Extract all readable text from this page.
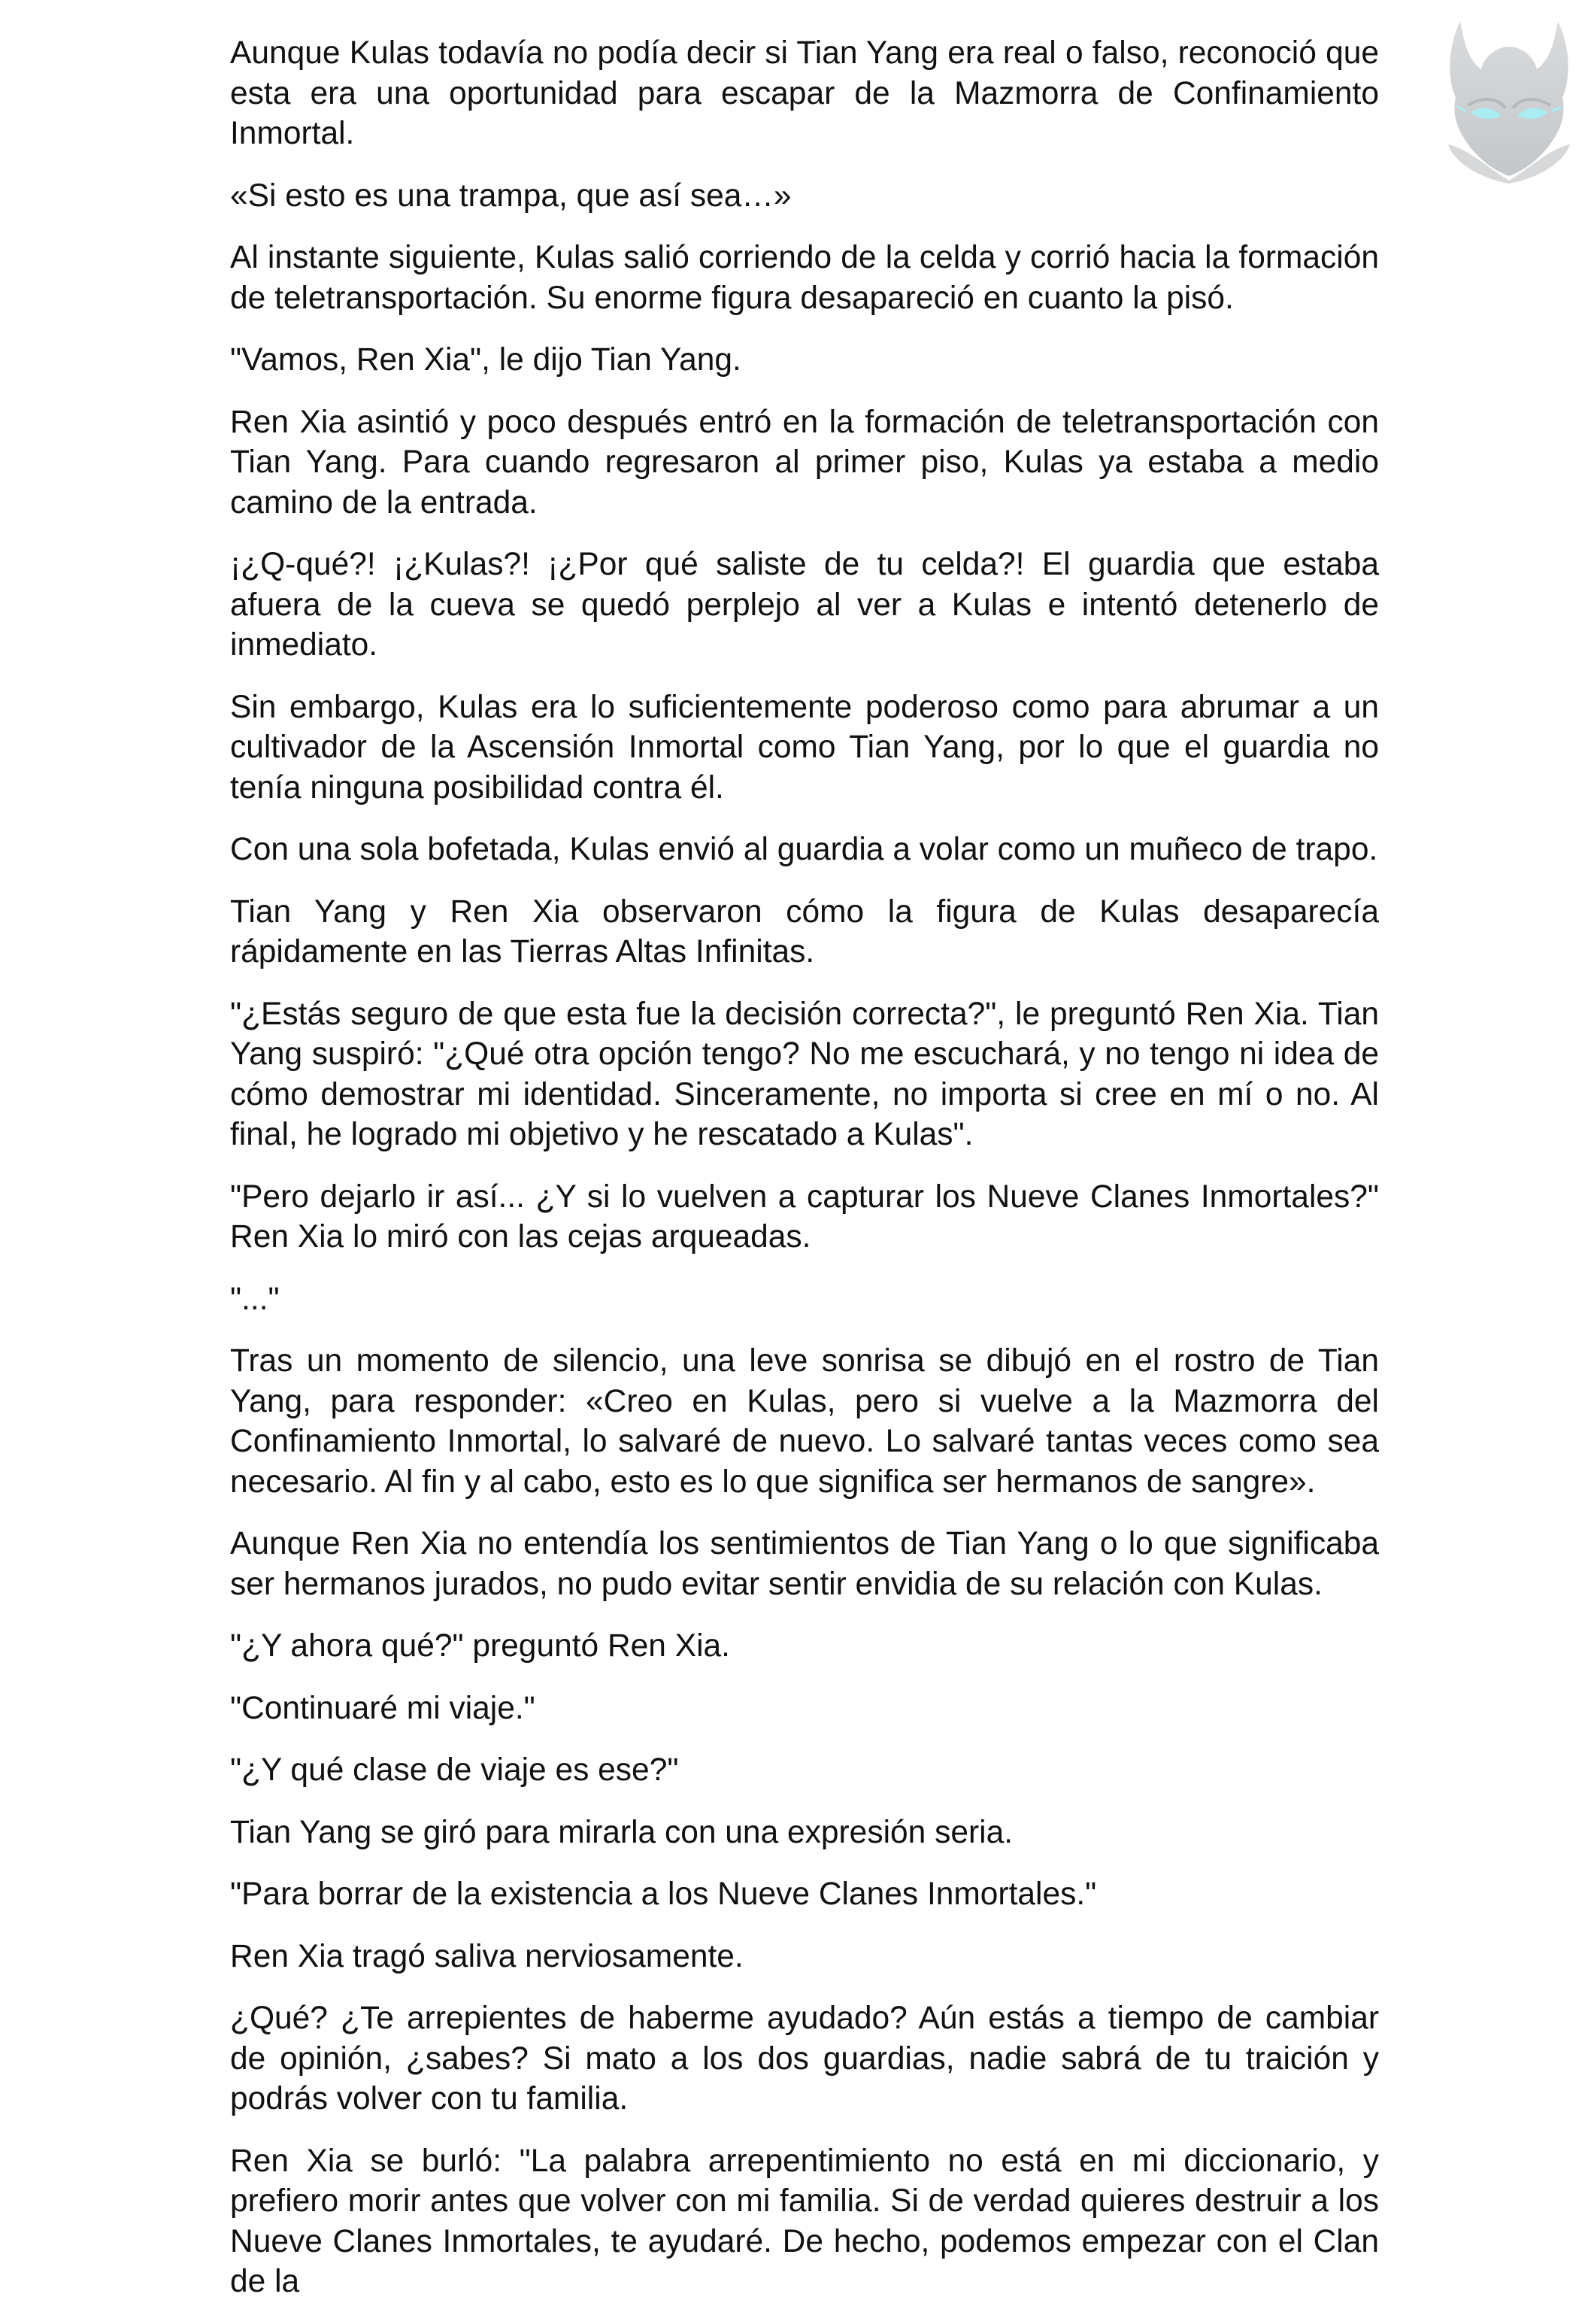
Aunque Kulas todavía no podía decir si Tian Yang era real o falso, reconoció que esta era una oportunidad para escapar de la Mazmorra de Confinamiento Inmortal.

«Si esto es una trampa, que así sea…»

Al instante siguiente, Kulas salió corriendo de la celda y corrió hacia la formación de teletransportación. Su enorme figura desapareció en cuanto la pisó.

"Vamos, Ren Xia", le dijo Tian Yang.

Ren Xia asintió y poco después entró en la formación de teletransportación con Tian Yang. Para cuando regresaron al primer piso, Kulas ya estaba a medio camino de la entrada.

¡¿Q-qué?! ¡¿Kulas?! ¡¿Por qué saliste de tu celda?! El guardia que estaba afuera de la cueva se quedó perplejo al ver a Kulas e intentó detenerlo de inmediato.

Sin embargo, Kulas era lo suficientemente poderoso como para abrumar a un cultivador de la Ascensión Inmortal como Tian Yang, por lo que el guardia no tenía ninguna posibilidad contra él.

Con una sola bofetada, Kulas envió al guardia a volar como un muñeco de trapo.

Tian Yang y Ren Xia observaron cómo la figura de Kulas desaparecía rápidamente en las Tierras Altas Infinitas.

"¿Estás seguro de que esta fue la decisión correcta?", le preguntó Ren Xia. Tian Yang suspiró: "¿Qué otra opción tengo? No me escuchará, y no tengo ni idea de cómo demostrar mi identidad. Sinceramente, no importa si cree en mí o no. Al final, he logrado mi objetivo y he rescatado a Kulas".

"Pero dejarlo ir así... ¿Y si lo vuelven a capturar los Nueve Clanes Inmortales?" Ren Xia lo miró con las cejas arqueadas.

"..."

Tras un momento de silencio, una leve sonrisa se dibujó en el rostro de Tian Yang, para responder: «Creo en Kulas, pero si vuelve a la Mazmorra del Confinamiento Inmortal, lo salvaré de nuevo. Lo salvaré tantas veces como sea necesario. Al fin y al cabo, esto es lo que significa ser hermanos de sangre».

Aunque Ren Xia no entendía los sentimientos de Tian Yang o lo que significaba ser hermanos jurados, no pudo evitar sentir envidia de su relación con Kulas.

"¿Y ahora qué?" preguntó Ren Xia.

"Continuaré mi viaje."

"¿Y qué clase de viaje es ese?"

Tian Yang se giró para mirarla con una expresión seria.

"Para borrar de la existencia a los Nueve Clanes Inmortales."

Ren Xia tragó saliva nerviosamente.

¿Qué? ¿Te arrepientes de haberme ayudado? Aún estás a tiempo de cambiar de opinión, ¿sabes? Si mato a los dos guardias, nadie sabrá de tu traición y podrás volver con tu familia.

Ren Xia se burló: "La palabra arrepentimiento no está en mi diccionario, y prefiero morir antes que volver con mi familia. Si de verdad quieres destruir a los Nueve Clanes Inmortales, te ayudaré. De hecho, podemos empezar con el Clan de la
